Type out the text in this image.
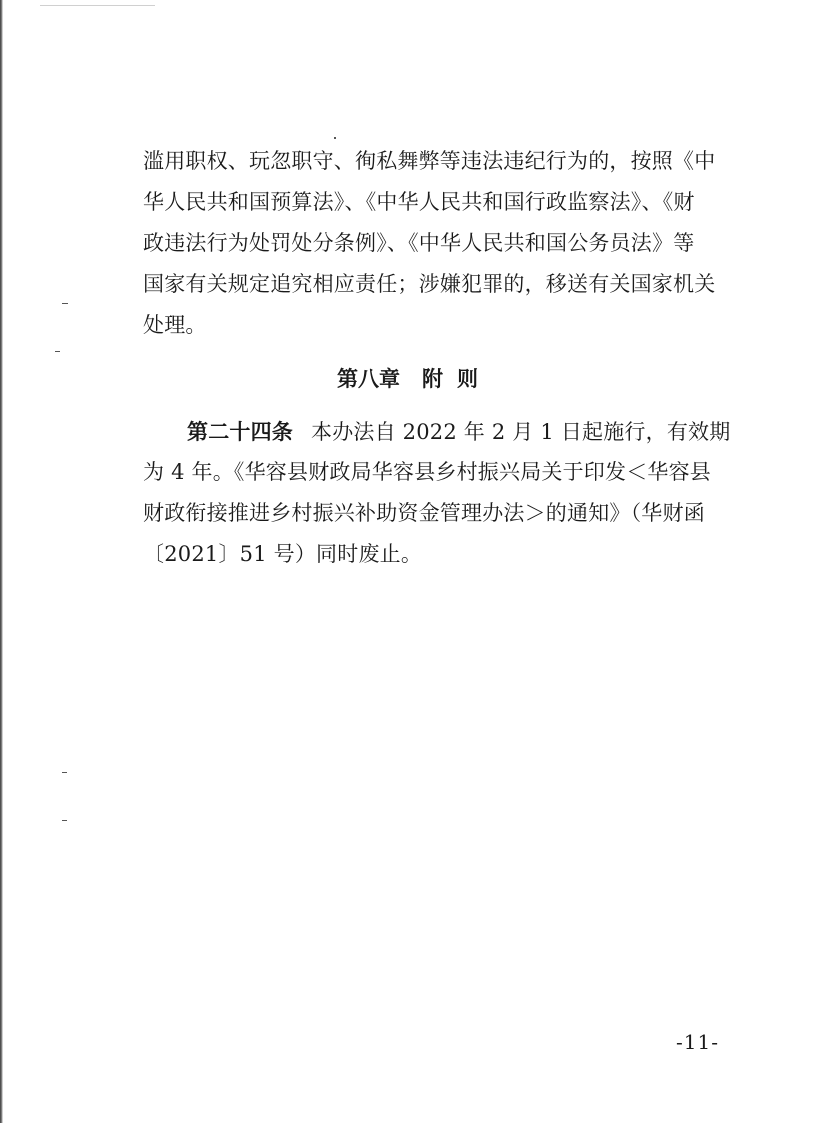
滥用职权、玩忽职守、徇私舞弊等违法违纪行为的，按照《中
华人民共和国预算法》、《中华人民共和国行政监察法》、《财
政违法行为处罚处分条例》、《中华人民共和国公务员法》等
国家有关规定追究相应责任；涉嫌犯罪的，移送有关国家机关
处理。
第八章 附 则
第二十四条 本办法自 2022 年 2 月 1 日起施行，有效期
为 4 年。《华容县财政局华容县乡村振兴局关于印发＜华容县
财政衔接推进乡村振兴补助资金管理办法＞的通知》（华财函
〔2021〕51 号）同时废止。
-11-
